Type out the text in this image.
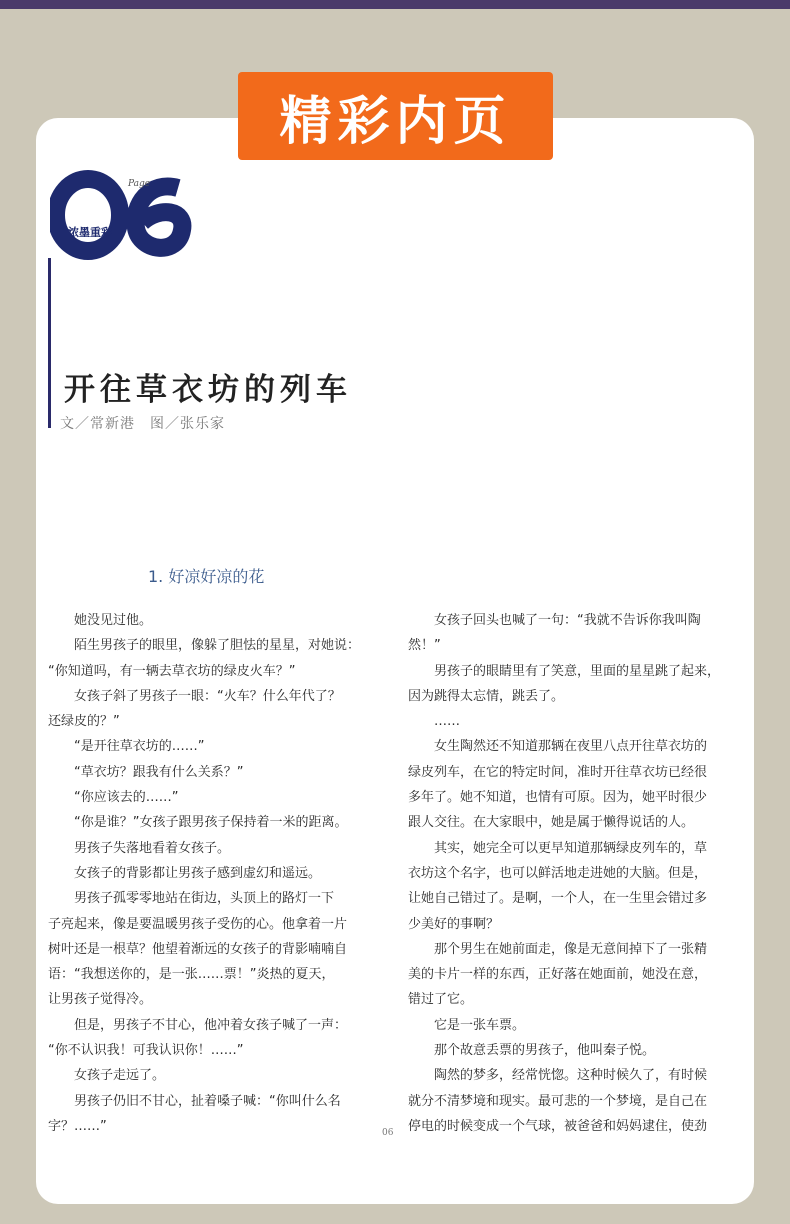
精彩内页
Page
浓墨重彩
开往草衣坊的列车
文／常新港　图／张乐家
1. 好凉好凉的花

　　她没见过他。

　　陌生男孩子的眼里，像躲了胆怯的星星，对她说：

“你知道吗，有一辆去草衣坊的绿皮火车？”

　　女孩子斜了男孩子一眼：“火车？什么年代了？

还绿皮的？”

　　“是开往草衣坊的……”

　　“草衣坊？跟我有什么关系？”

　　“你应该去的……”

　　“你是谁？”女孩子跟男孩子保持着一米的距离。

　　男孩子失落地看着女孩子。

　　女孩子的背影都让男孩子感到虚幻和遥远。

　　男孩子孤零零地站在街边，头顶上的路灯一下

子亮起来，像是要温暖男孩子受伤的心。他拿着一片

树叶还是一根草？他望着渐远的女孩子的背影喃喃自

语：“我想送你的，是一张……票！”炎热的夏天，

让男孩子觉得冷。

　　但是，男孩子不甘心，他冲着女孩子喊了一声：

“你不认识我！可我认识你！……”

　　女孩子走远了。

　　男孩子仍旧不甘心，扯着嗓子喊：“你叫什么名

字？……”

　　女孩子回头也喊了一句：“我就不告诉你我叫陶

然！”

　　男孩子的眼睛里有了笑意，里面的星星跳了起来，

因为跳得太忘情，跳丢了。

　　……

　　女生陶然还不知道那辆在夜里八点开往草衣坊的

绿皮列车，在它的特定时间，准时开往草衣坊已经很

多年了。她不知道，也情有可原。因为，她平时很少

跟人交往。在大家眼中，她是属于懒得说话的人。

　　其实，她完全可以更早知道那辆绿皮列车的，草

衣坊这个名字，也可以鲜活地走进她的大脑。但是，

让她自己错过了。是啊，一个人，在一生里会错过多

少美好的事啊？

　　那个男生在她前面走，像是无意间掉下了一张精

美的卡片一样的东西，正好落在她面前，她没在意，

错过了它。

　　它是一张车票。

　　那个故意丢票的男孩子，他叫秦子悦。

　　陶然的梦多，经常恍惚。这种时候久了，有时候

就分不清梦境和现实。最可悲的一个梦境，是自己在

停电的时候变成一个气球，被爸爸和妈妈逮住，使劲

06
